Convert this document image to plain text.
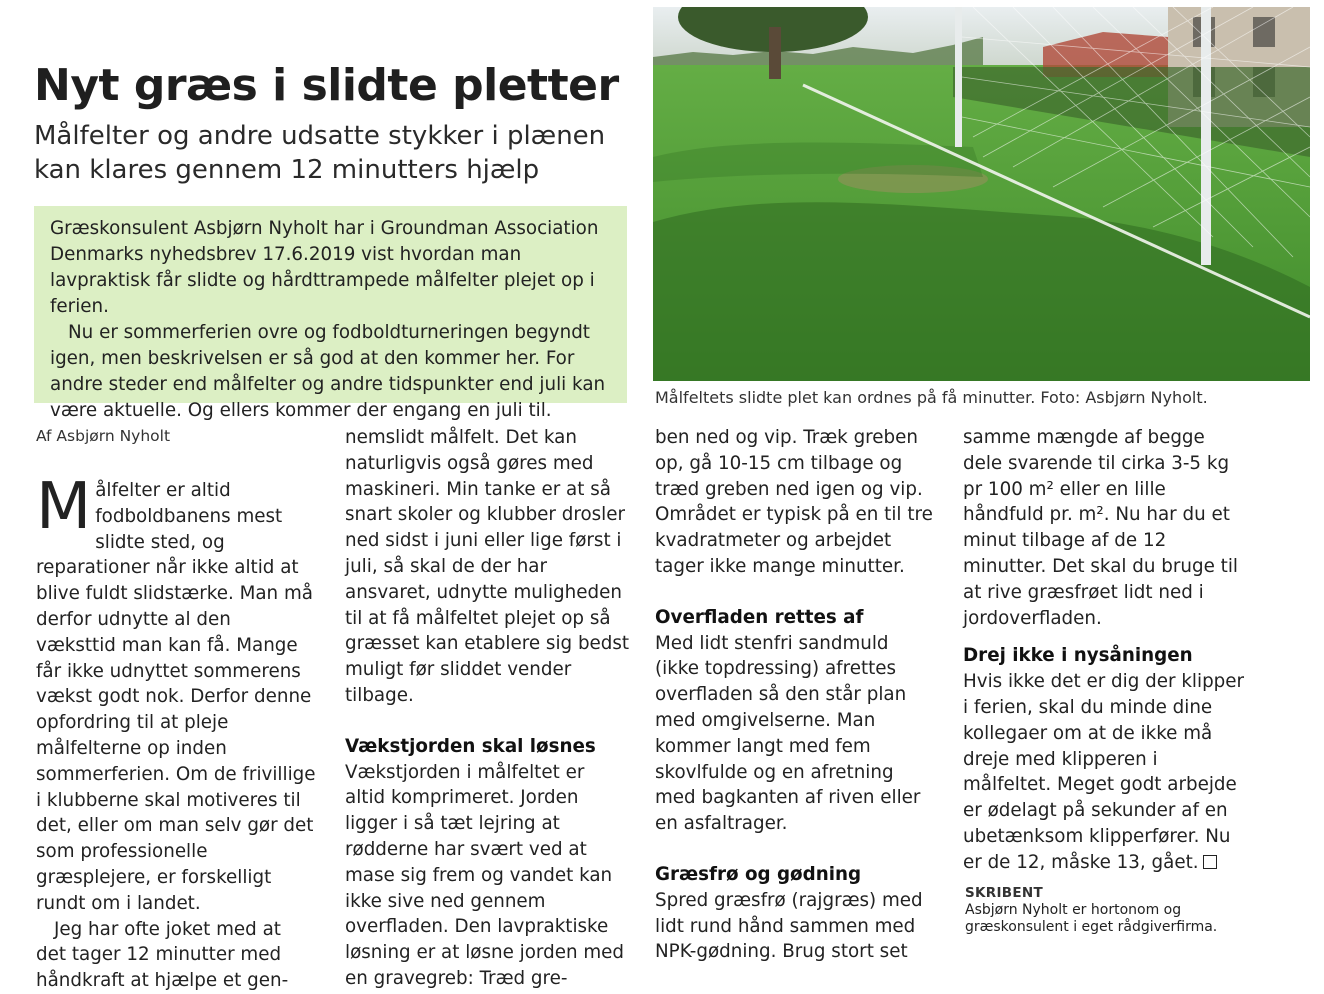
Nyt græs i slidte pletter
Målfelter og andre udsatte stykker i plænen kan klares gennem 12 minutters hjælp

Græskonsulent Asbjørn Nyholt har i Groundman Association Denmarks nyhedsbrev 17.6.2019 vist hvordan man lavpraktisk får slidte og hårdttrampede målfelter plejet op i ferien.

Nu er sommerferien ovre og fodboldturneringen begyndt igen, men beskrivelsen er så god at den kommer her. For andre steder end målfelter og andre tidspunkter end juli kan være aktuelle. Og ellers kommer der engang en juli til.

Målfeltets slidte plet kan ordnes på få minutter. Foto: Asbjørn Nyholt.
Af Asbjørn Nyholt

Målfelter er altid fodboldbanens mest slidte sted, og reparationer når ikke altid at blive fuldt slidstærke. Man må derfor udnytte al den væksttid man kan få. Mange får ikke udnyttet sommerens vækst godt nok. Derfor denne opfordring til at pleje målfelterne op inden sommerferien. Om de frivillige i klubberne skal motiveres til det, eller om man selv gør det som professionelle græsplejere, er forskelligt rundt om i landet.

Jeg har ofte joket med at det tager 12 minutter med håndkraft at hjælpe et gen-

nemslidt målfelt. Det kan naturligvis også gøres med maskineri. Min tanke er at så snart skoler og klubber drosler ned sidst i juni eller lige først i juli, så skal de der har ansvaret, udnytte muligheden til at få målfeltet plejet op så græsset kan etablere sig bedst muligt før sliddet vender tilbage.

Vækstjorden skal løsnes

Vækstjorden i målfeltet er altid komprimeret. Jorden ligger i så tæt lejring at rødderne har svært ved at mase sig frem og vandet kan ikke sive ned gennem overfladen. Den lavpraktiske løsning er at løsne jorden med en gravegreb: Træd gre-

ben ned og vip. Træk greben op, gå 10-15 cm tilbage og træd greben ned igen og vip. Området er typisk på en til tre kvadratmeter og arbejdet tager ikke mange minutter.

Overfladen rettes af

Med lidt stenfri sandmuld (ikke topdressing) afrettes overfladen så den står plan med omgivelserne. Man kommer langt med fem skovlfulde og en afretning med bagkanten af riven eller en asfaltrager.

Græsfrø og gødning

Spred græsfrø (rajgræs) med lidt rund hånd sammen med NPK-gødning. Brug stort set

samme mængde af begge dele svarende til cirka 3-5 kg pr 100 m² eller en lille håndfuld pr. m². Nu har du et minut tilbage af de 12 minutter. Det skal du bruge til at rive græsfrøet lidt ned i jordoverfladen.

Drej ikke i nysåningen

Hvis ikke det er dig der klipper i ferien, skal du minde dine kollegaer om at de ikke må dreje med klipperen i målfeltet. Meget godt arbejde er ødelagt på sekunder af en ubetænksom klipperfører. Nu er de 12, måske 13, gået.

SKRIBENT
Asbjørn Nyholt er hortonom og græskonsulent i eget rådgiverfirma.
